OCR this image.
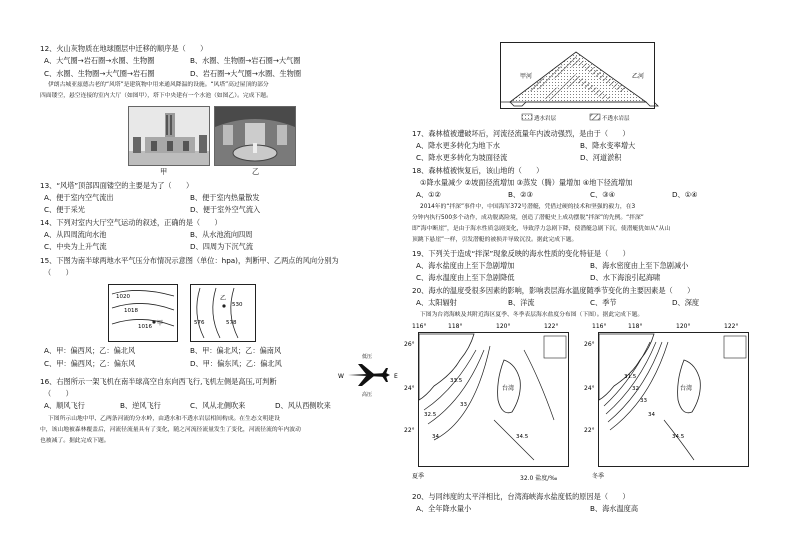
12、火山灰物质在地球圈层中迁移的顺序是（　　）
A、大气圈→岩石圈→水圈、生物圈	B、水圈、生物圈→岩石圈→大气圈
C、水圈、生物圈→大气圈→岩石圈	D、岩石圈→大气圈→水圈、生物圈
伊朗古城亚兹德古老的“风塔”是建筑物中用来通风降温的设施。“风塔”高过屋顶的部分
四面镂空，悬空连接的室内大厅（如图甲），塔下中央建有一个水池（如图乙）。完成下题。
甲	乙
13、“风塔”顶部四面镂空的主要是为了（　　）
A、便于室内空气流出	B、便于室内热量散发
C、便于采光	D、便于室外空气流入
14、下列对室内大厅空气运动的叙述，正确的是（　　）
A、从四周流向水池	B、从水池流向四周
C、中央为上升气流	D、四周为下沉气流
15、下图为南半球两地水平气压分布情况示意图（单位：hpa)，判断甲、乙两点的风向分别为
（　　）
1020
1018
1016 甲
乙
530
576	578
A、甲：偏西风；乙：偏北风	B、甲：偏北风；乙：偏南风
C、甲：偏西风；乙：偏东风	D、甲：偏东风；乙：偏北风
低压
W	E
高压
16、右图所示一架飞机在南半球高空自东向西飞行,飞机左侧是高压,可判断
（　　）
A、顺风飞行	B、逆风飞行	C、风从北侧吹来	D、风从西侧吹来
下图所示山地中甲、乙两条河流的分水岭，由透水和不透水岩层相间构成。在生态文明建设
中，该山地被森林覆盖后，河流径流量具有了变化，随之河流径流量发生了变化，河流径流的年内波动
也被减了。据此完成下题。
甲河	乙河
透水岩层	不透水岩层
17、森林植被遭破坏后，河流径流量年内波动强烈，是由于（　　）
A、降水更多转化为地下水	B、降水变率增大
C、降水更多转化为坡面径流	D、河道淤积
18、森林植被恢复后，该山地的（　　）
①降水量减少 ②坡面径流增加 ③蒸发（腾）量增加 ④地下径流增加
A、①②	B、②③	C、③④	D、①④
2014年的“拌深”事件中，中国海军372号潜艇，凭借过硬的技术和坚强的毅力，在3
分钟内执行500多个动作，成功脱离险境，创造了潜艇史上成功摆脱“拌深”的先例。“拌深”
即“海中断崖”，是由于海水性质急剧变化，导致浮力急剧下降，使潜艇急剧下沉，使潜艇犹如从“从山
顶跳下悬崖”一样，引发潜艇的被损并导致沉没。据此完成下题。
19、下列关于造成“拌深”现象反映的海水性质的变化特征是（　　）
A、海水盐度由上至下急剧增加	B、海水密度由上至下急剧减小
C、海水温度由上至下急剧降低	D、水下海浪引起海啸
20、海水的温度受很多因素的影响，影响表层海水温度随季节变化的主要因素是（　　）
A、太阳辐射	B、洋流	C、季节	D、深度
下图为台湾海峡及其附近海区夏季、冬季表层海水盐度分布图（下图）。据此完成下题。
116°	118°	120°	122°
26°
24°
22°
台湾
33.5
33
32.5
34	34.5
夏季
116°	118°	120°	122°
26°
24°
22°
台湾
31.5
32
33
34
34.5
冬季
32.0 盐度/‰
20、与同纬度的太平洋相比，台湾海峡海水盐度低的原因是（　　）
A、全年降水量小	B、海水温度高
